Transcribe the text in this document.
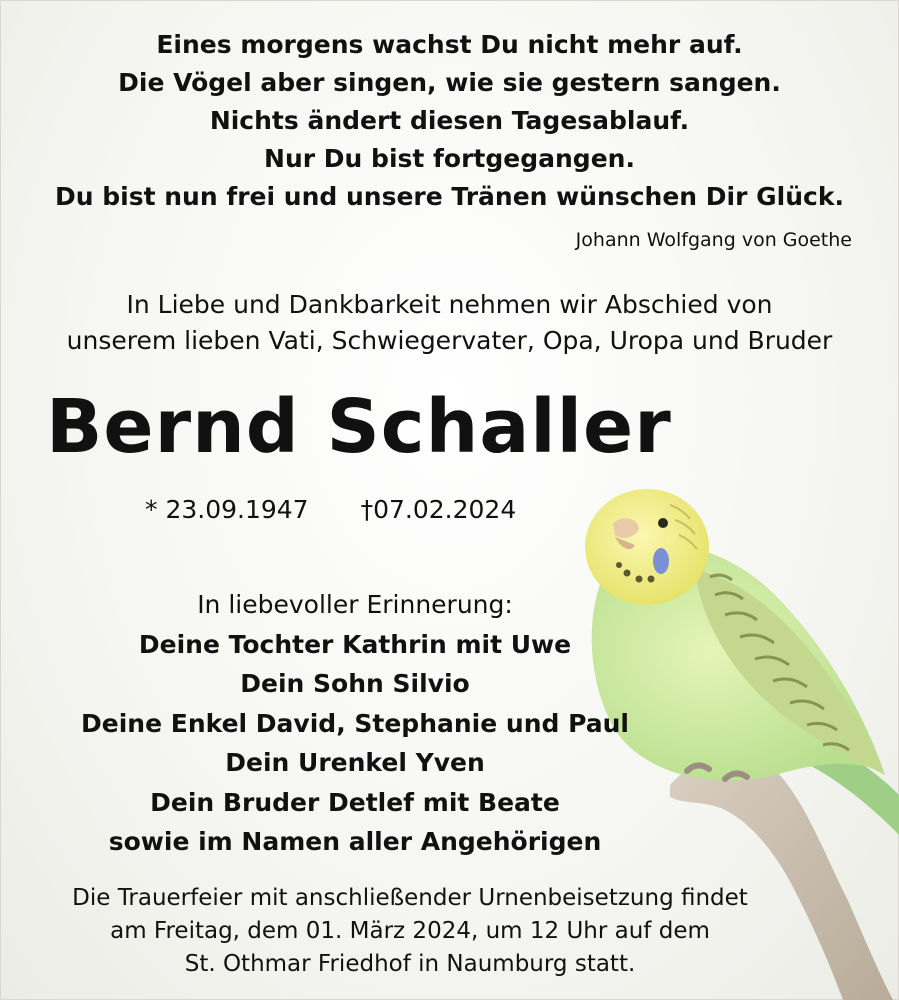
Eines morgens wachst Du nicht mehr auf.
Die Vögel aber singen, wie sie gestern sangen.
Nichts ändert diesen Tagesablauf.
Nur Du bist fortgegangen.
Du bist nun frei und unsere Tränen wünschen Dir Glück.
Johann Wolfgang von Goethe
In Liebe und Dankbarkeit nehmen wir Abschied von
unserem lieben Vati, Schwiegervater, Opa, Uropa und Bruder
Bernd Schaller
* 23.09.1947 †07.02.2024
In liebevoller Erinnerung:
Deine Tochter Kathrin mit Uwe
Dein Sohn Silvio
Deine Enkel David, Stephanie und Paul
Dein Urenkel Yven
Dein Bruder Detlef mit Beate
sowie im Namen aller Angehörigen
Die Trauerfeier mit anschließender Urnenbeisetzung findet
am Freitag, dem 01. März 2024, um 12 Uhr auf dem
St. Othmar Friedhof in Naumburg statt.
